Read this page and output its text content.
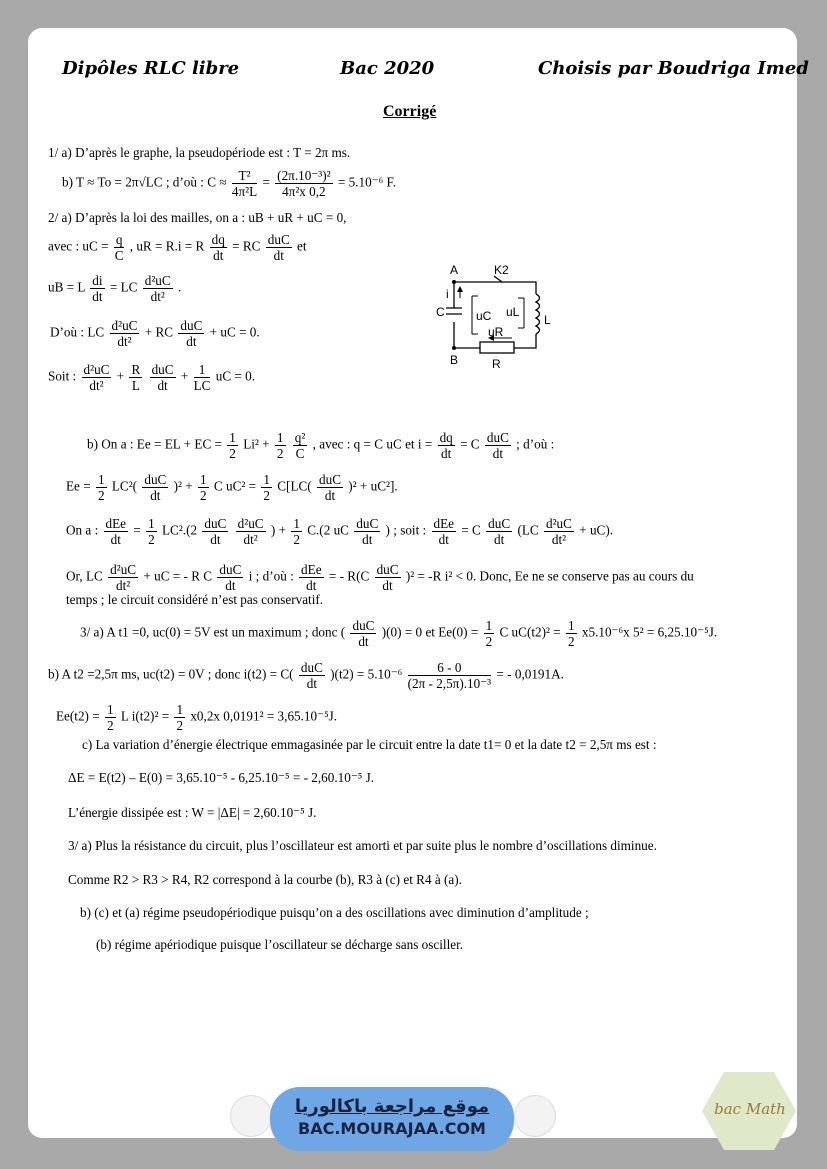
Dipôles RLC libre	Bac 2020	Choisis par Boudriga Imed
Corrigé
1/ a) D’après le graphe, la pseudopériode est : T = 2π ms.
b) T ≈ To = 2π√LC ; d’où : $C \approx \frac{\text{T²}}{\text{4π²L}} = \frac{\text{(2π.10⁻³)²}}{\text{4π²x 0,2}} = 5.10^{-6}$ F.
2/ a) D’après la loi des mailles, on a : uB + uR + uC = 0,
avec : uC = $\frac{q}{C}$ , uR = R.i = R $\frac{dq}{dt}$ = RC duC
dt
et
uB = L $\frac{di}{dt}$ = LC $\frac{\text{d²uC}}{\text{dt²}}$ .
D’où : LC $\frac{\text{d²uC}}{\text{dt²}}$ + RC duC
dt
+ uC = 0.
Soit : $\frac{\text{d²uC}}{\text{dt²}} + \frac{R}{L}$
duC
dt
+ $\frac{1}{LC}$ uC = 0.
A	K2
i
C	uC uL
L
uR
B	R
b) On a : Ee = EL + EC = $\frac{1}{2} Li^2 + \frac{1}{2}$
$\frac{\text{q²}}{C}$ , avec : q = C uC et $i = \frac{dq}{dt} = C$ duC
dt
; d’où :
$Ee = \frac{1}{2} LC^2$( duC
dt
)$^2 + \frac{1}{2}$ C $uC^2 = \frac{1}{2} C[LC$( duC
dt
)² + uC²].
On a : dEe
dt
= $\frac{1}{2} LC^2.(2$ duC
dt
	$\frac{\text{d²uC}}{\text{dt²}}$ ) + $\frac{1}{2} C.(2$ uC duC
dt
) ; soit : dEe
dt
= C duC
dt
$(LC \frac{\text{d²uC}}{\text{dt²}} + uC)$.
Or, LC $\frac{\text{d²uC}}{\text{dt²}}$ + uC = - R C duC
dt
i ; d’où : dEe
dt
= - R(C duC
dt
)² = -R i² < 0. Donc, Ee ne se conserve pas au cours du
temps ; le circuit considéré n’est pas conservatif.
3/ a) A t1 =0, uc(0) = 5V est un maximum ; donc ( duC
dt
)(0) = 0 et $Ee(0) = \frac{1}{2}$ C $uC(t2)^2 = \frac{1}{2} x5.10^{-6}x$ 5² = 6,25.10⁻⁵J.
b) A t2 =2,5π ms, uc(t2) = 0V ; donc i(t2) = C( duC
dt
)$(t2) = 5.10^{-6} \frac{6 - 0}{\text{(2π - 2,5π).10⁻³}}$ = - 0,0191A.
$Ee(t2) = \frac{1}{2}$ L $i(t2)^2 = \frac{1}{2} x0,2x$ 0,0191² = 3,65.10⁻⁵J.
c) La variation d’énergie électrique emmagasinée par le circuit entre la date t1= 0 et la date t2 = 2,5π ms est :
ΔE = E(t2) – E(0) = 3,65.10⁻⁵ - 6,25.10⁻⁵ = - 2,60.10⁻⁵ J.
L’énergie dissipée est : W = |ΔE| = 2,60.10⁻⁵ J.
3/ a) Plus la résistance du circuit, plus l’oscillateur est amorti et par suite plus le nombre d’oscillations diminue.
Comme R2 > R3 > R4, R2 correspond à la courbe (b), R3 à (c) et R4 à (a).
b) (c) et (a) régime pseudopériodique puisqu’on a des oscillations avec diminution d’amplitude ;
(b) régime apériodique puisque l’oscillateur se décharge sans osciller.
موقع مراجعة باكالوريا
BAC.MOURAJAA.COM
bac Math
